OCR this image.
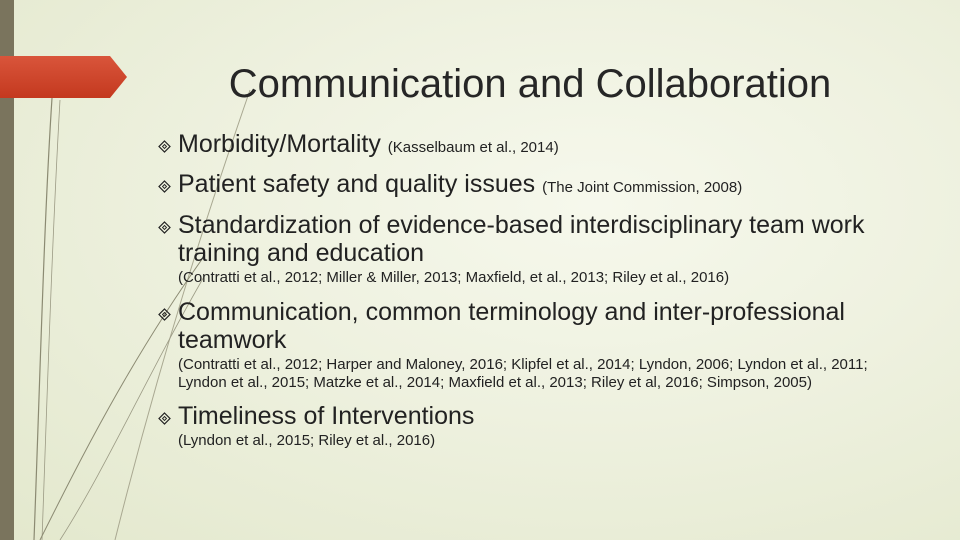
Communication and Collaboration
Morbidity/Mortality (Kasselbaum et al., 2014)
Patient safety and quality issues (The Joint Commission, 2008)
Standardization of evidence-based interdisciplinary team work training and education
(Contratti et al., 2012; Miller & Miller, 2013; Maxfield, et al., 2013; Riley et al., 2016)
Communication, common terminology and inter-professional teamwork
(Contratti et al., 2012; Harper and Maloney, 2016; Klipfel et al., 2014; Lyndon, 2006; Lyndon et al., 2011; Lyndon et al., 2015; Matzke et al., 2014; Maxfield et al., 2013; Riley et al, 2016; Simpson, 2005)
Timeliness of Interventions
(Lyndon et al., 2015; Riley et al., 2016)
